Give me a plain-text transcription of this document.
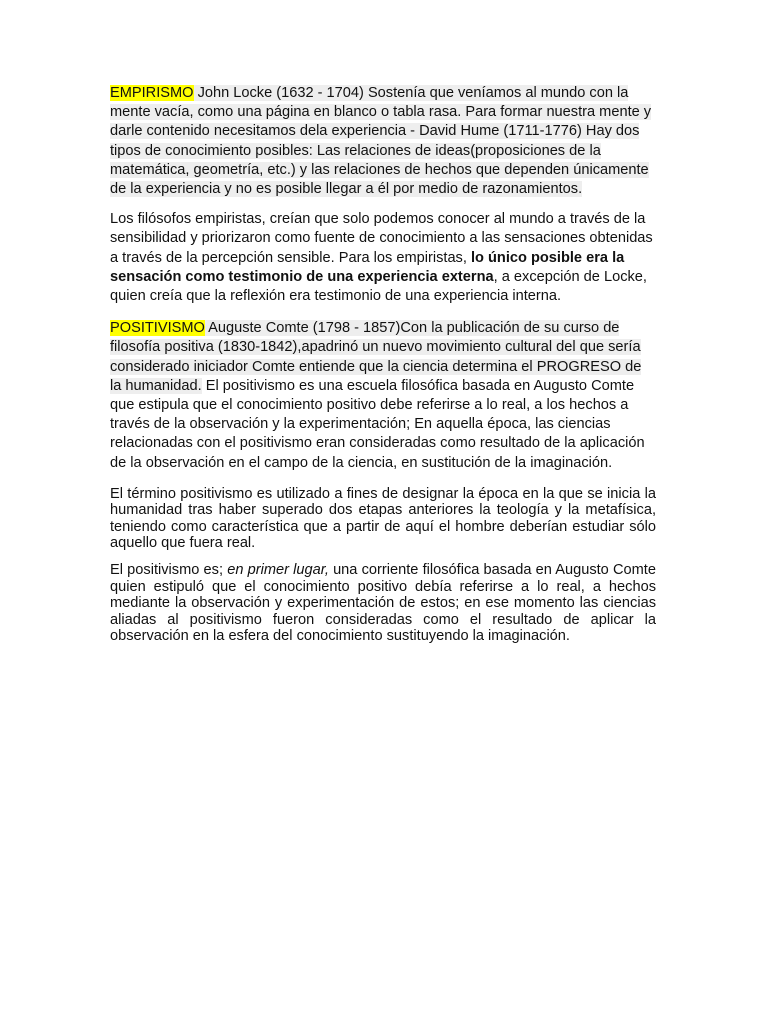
EMPIRISMO John Locke (1632 - 1704) Sostenía que veníamos al mundo con la mente vacía, como una página en blanco o tabla rasa. Para formar nuestra mente y darle contenido necesitamos dela experiencia - David Hume (1711-1776) Hay dos tipos de conocimiento posibles: Las relaciones de ideas(proposiciones de la matemática, geometría, etc.) y las relaciones de hechos que dependen únicamente de la experiencia y no es posible llegar a él por medio de razonamientos.

Los filósofos empiristas, creían que solo podemos conocer al mundo a través de la sensibilidad y priorizaron como fuente de conocimiento a las sensaciones obtenidas a través de la percepción sensible. Para los empiristas, lo único posible era la sensación como testimonio de una experiencia externa, a excepción de Locke, quien creía que la reflexión era testimonio de una experiencia interna.

POSITIVISMO Auguste Comte (1798 - 1857)Con la publicación de su curso de filosofía positiva (1830-1842),apadrinó un nuevo movimiento cultural del que sería considerado iniciador Comte entiende que la ciencia determina el PROGRESO de la humanidad. El positivismo es una escuela filosófica basada en Augusto Comte que estipula que el conocimiento positivo debe referirse a lo real, a los hechos a través de la observación y la experimentación; En aquella época, las ciencias relacionadas con el positivismo eran consideradas como resultado de la aplicación de la observación en el campo de la ciencia, en sustitución de la imaginación.

El término positivismo es utilizado a fines de designar la época en la que se inicia la humanidad tras haber superado dos etapas anteriores la teología y la metafísica, teniendo como característica que a partir de aquí el hombre deberían estudiar sólo aquello que fuera real.

El positivismo es; en primer lugar, una corriente filosófica basada en Augusto Comte quien estipuló que el conocimiento positivo debía referirse a lo real, a hechos mediante la observación y experimentación de estos; en ese momento las ciencias aliadas al positivismo fueron consideradas como el resultado de aplicar la observación en la esfera del conocimiento sustituyendo la imaginación.
